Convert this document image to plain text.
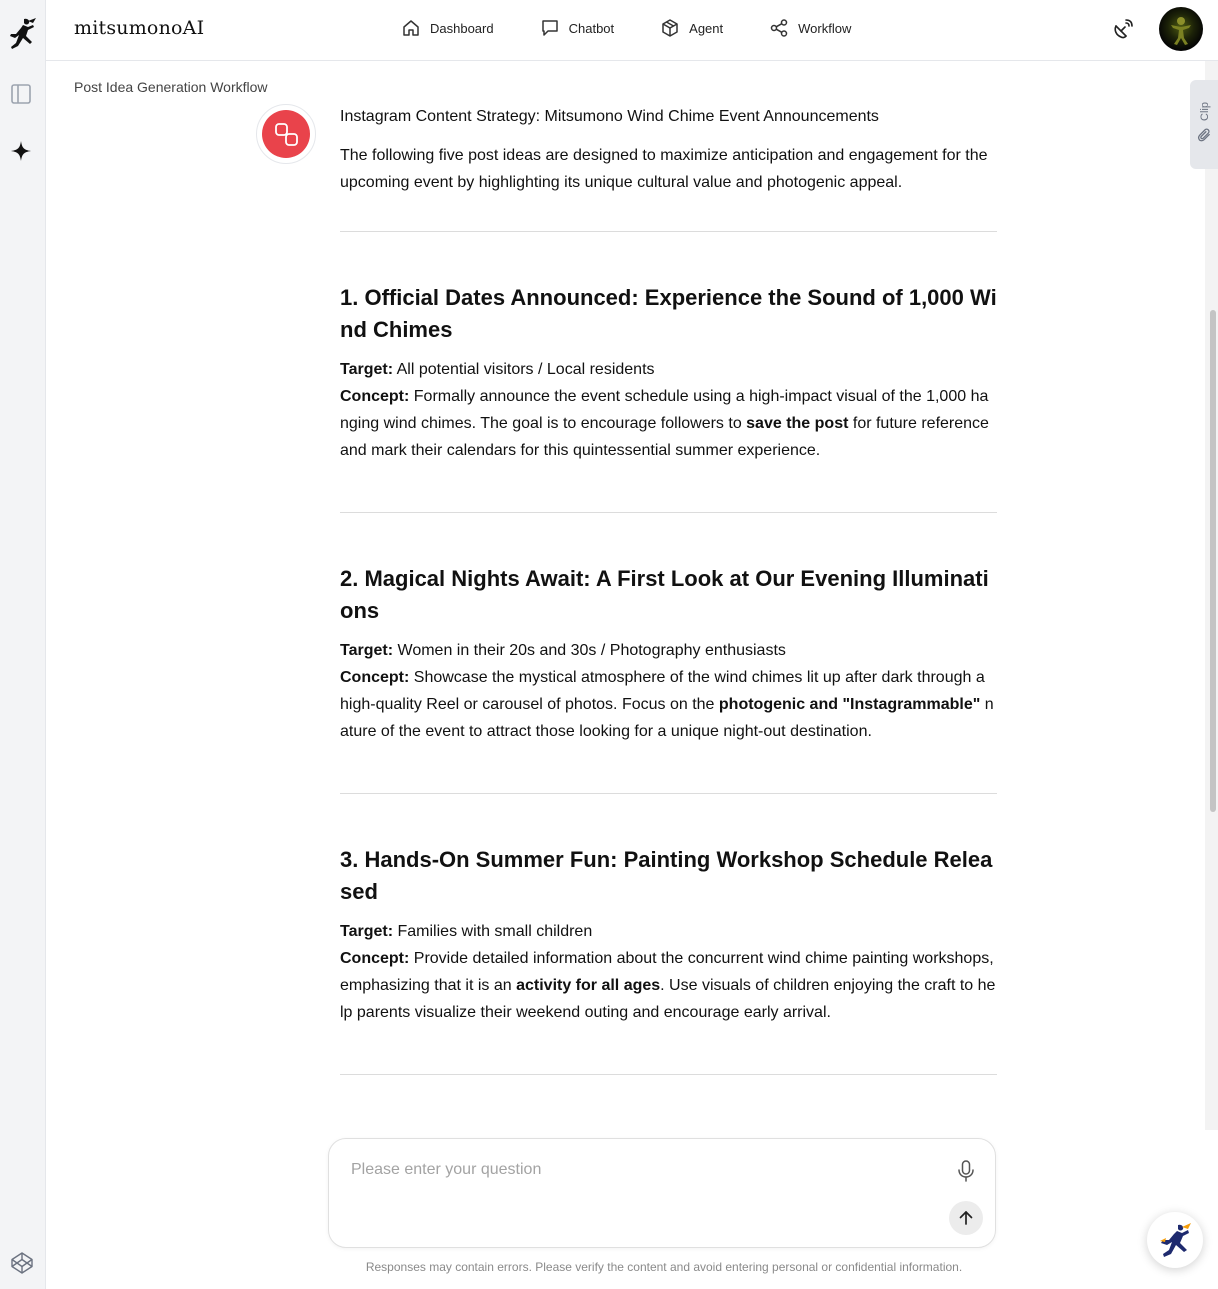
mitsumonoAI	Dashboard	Chatbot	Agent	Workflow
Post Idea Generation Workflow
Instagram Content Strategy: Mitsumono Wind Chime Event Announcements
The following five post ideas are designed to maximize anticipation and engagement for the upcoming event by highlighting its unique cultural value and photogenic appeal.
1. Official Dates Announced: Experience the Sound of 1,000 Wind Chimes

Target: All potential visitors / Local residents

Concept: Formally announce the event schedule using a high-impact visual of the 1,000 hanging wind chimes. The goal is to encourage followers to save the post for future reference and mark their calendars for this quintessential summer experience.

2. Magical Nights Await: A First Look at Our Evening Illuminations

Target: Women in their 20s and 30s / Photography enthusiasts

Concept: Showcase the mystical atmosphere of the wind chimes lit up after dark through a high-quality Reel or carousel of photos. Focus on the photogenic and "Instagrammable" nature of the event to attract those looking for a unique night-out destination.

3. Hands-On Summer Fun: Painting Workshop Schedule Released

Target: Families with small children

Concept: Provide detailed information about the concurrent wind chime painting workshops, emphasizing that it is an activity for all ages. Use visuals of children enjoying the craft to help parents visualize their weekend outing and encourage early arrival.

Clip
Please enter your question
Responses may contain errors. Please verify the content and avoid entering personal or confidential information.
